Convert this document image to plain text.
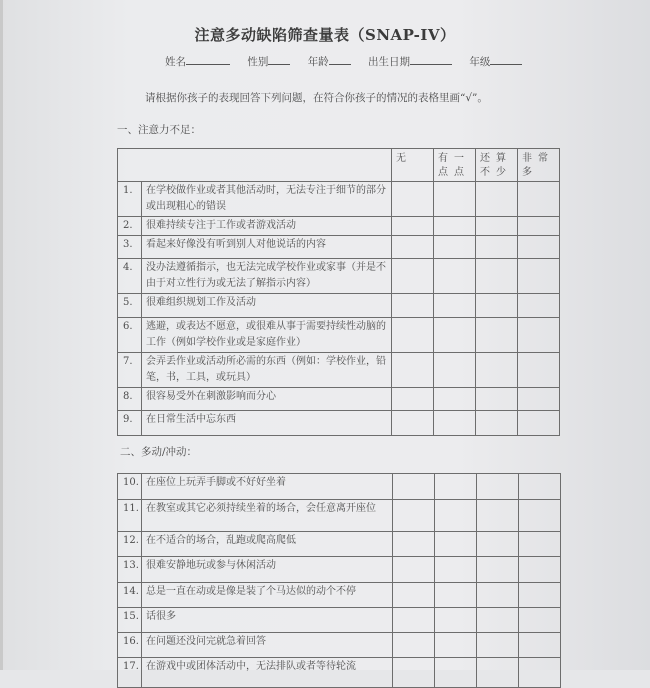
注意多动缺陷筛查量表（SNAP-IV）
姓名	性别	年龄	出生日期	年级
请根据你孩子的表现回答下列问题，在符合你孩子的情况的表格里画“√”。
一、注意力不足：
		无	有一点点	还算不少	非常多
1.	在学校做作业或者其他活动时，无法专注于细节的部分或出现粗心的错误				
2.	很难持续专注于工作或者游戏活动				
3.	看起来好像没有听到别人对他说话的内容				
4.	没办法遵循指示，也无法完成学校作业或家事（并是不由于对立性行为或无法了解指示内容）				
5.	很难组织规划工作及活动				
6.	逃避，或表达不愿意，或很难从事于需要持续性动脑的工作（例如学校作业或是家庭作业）				
7.	会弄丢作业或活动所必需的东西（例如：学校作业，铅笔，书，工具，或玩具）				
8.	很容易受外在刺激影响而分心				
9.	在日常生活中忘东西				
二、多动/冲动：
10.	在座位上玩弄手脚或不好好坐着				
11.	在教室或其它必须持续坐着的场合，会任意离开座位				
12.	在不适合的场合，乱跑或爬高爬低				
13.	很难安静地玩或参与休闲活动				
14.	总是一直在动或是像是装了个马达似的动个不停				
15.	话很多				
16.	在问题还没问完就急着回答				
17.	在游戏中或团体活动中，无法排队或者等待轮流				
